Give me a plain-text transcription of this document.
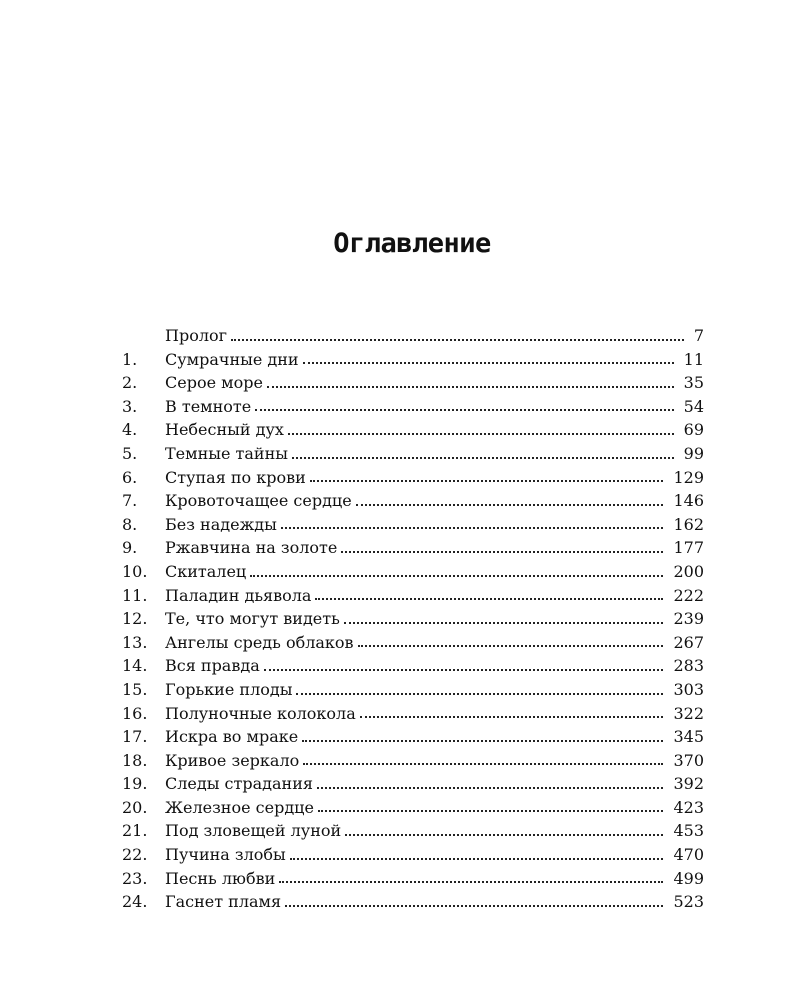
Оглавление
Пролог	7
1.	Сумрачные дни	11
2.	Серое море	35
3.	В темноте	54
4.	Небесный дух	69
5.	Темные тайны	99
6.	Ступая по крови	129
7.	Кровоточащее сердце	146
8.	Без надежды	162
9.	Ржавчина на золоте	177
10.	Скиталец	200
11.	Паладин дьявола	222
12.	Те, что могут видеть	239
13.	Ангелы средь облаков	267
14.	Вся правда	283
15.	Горькие плоды	303
16.	Полуночные колокола	322
17.	Искра во мраке	345
18.	Кривое зеркало	370
19.	Следы страдания	392
20.	Железное сердце	423
21.	Под зловещей луной	453
22.	Пучина злобы	470
23.	Песнь любви	499
24.	Гаснет пламя	523
